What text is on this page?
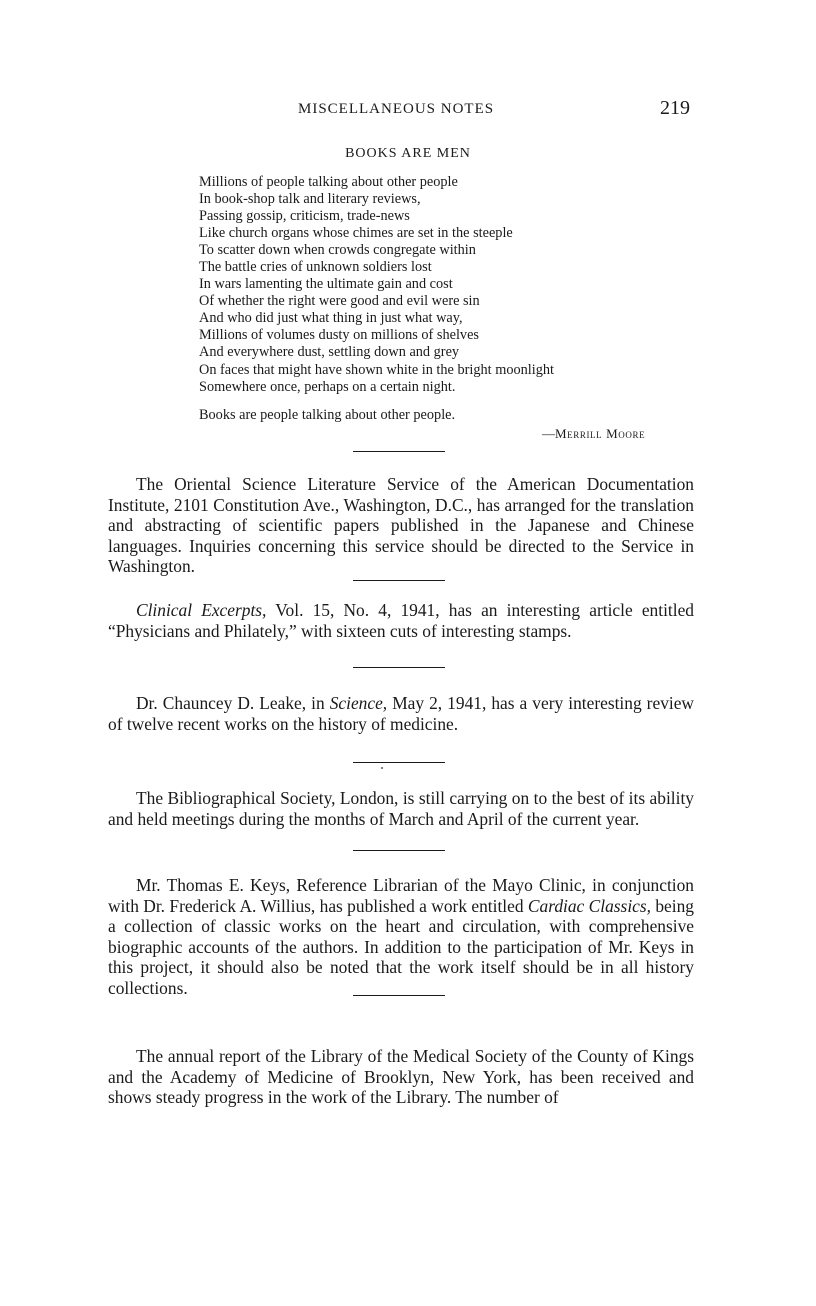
MISCELLANEOUS NOTES	219
BOOKS ARE MEN
Millions of people talking about other people
In book-shop talk and literary reviews,
Passing gossip, criticism, trade-news
Like church organs whose chimes are set in the steeple
To scatter down when crowds congregate within
The battle cries of unknown soldiers lost
In wars lamenting the ultimate gain and cost
Of whether the right were good and evil were sin
And who did just what thing in just what way,
Millions of volumes dusty on millions of shelves
And everywhere dust, settling down and grey
On faces that might have shown white in the bright moonlight
Somewhere once, perhaps on a certain night.
Books are people talking about other people.
—Merrill Moore

The Oriental Science Literature Service of the American Documentation Institute, 2101 Constitution Ave., Washington, D.C., has arranged for the translation and abstracting of scientific papers published in the Japanese and Chinese languages. Inquiries concerning this service should be directed to the Service in Washington.

Clinical Excerpts, Vol. 15, No. 4, 1941, has an interesting article entitled “Physicians and Philately,” with sixteen cuts of interesting stamps.

Dr. Chauncey D. Leake, in Science, May 2, 1941, has a very interesting review of twelve recent works on the history of medicine.

The Bibliographical Society, London, is still carrying on to the best of its ability and held meetings during the months of March and April of the current year.

Mr. Thomas E. Keys, Reference Librarian of the Mayo Clinic, in conjunction with Dr. Frederick A. Willius, has published a work entitled Cardiac Classics, being a collection of classic works on the heart and circulation, with comprehensive biographic accounts of the authors. In addition to the participation of Mr. Keys in this project, it should also be noted that the work itself should be in all history collections.

The annual report of the Library of the Medical Society of the County of Kings and the Academy of Medicine of Brooklyn, New York, has been received and shows steady progress in the work of the Library. The number of
